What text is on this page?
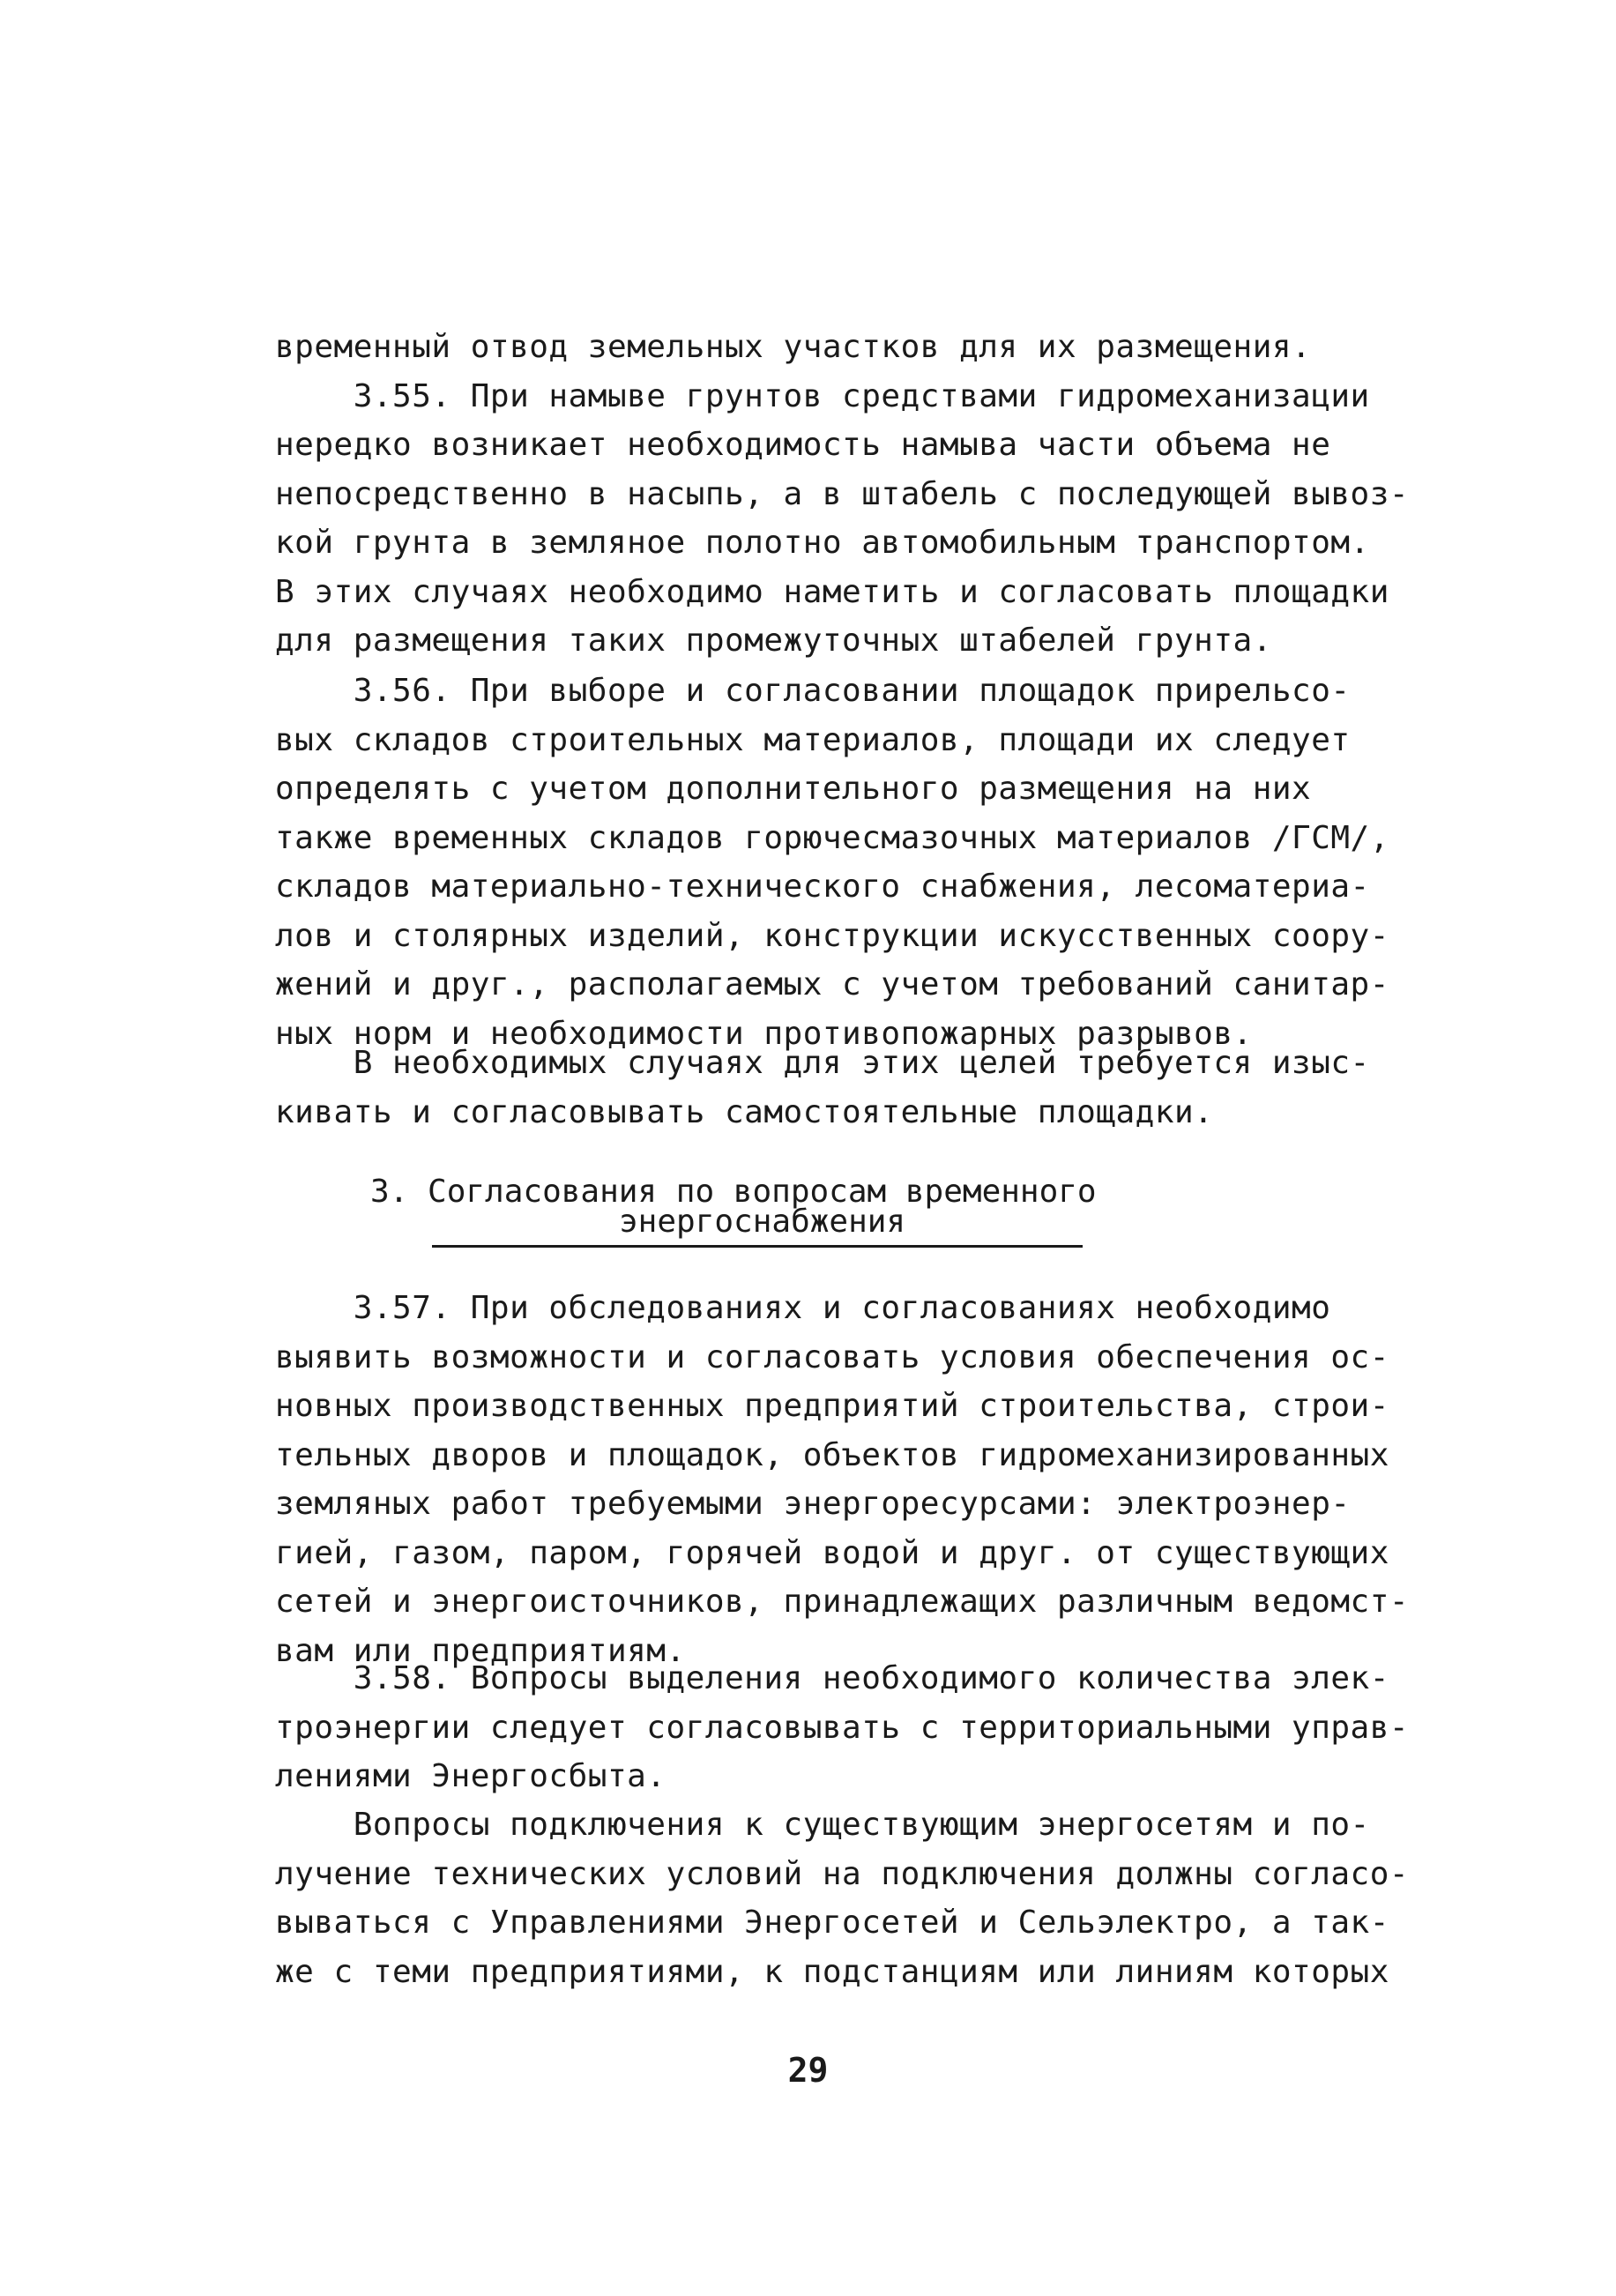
временный отвод земельных участков для их размещения.
3.55. При намыве грунтов средствами гидромеханизации
нередко возникает необходимость намыва части объема не
непосредственно в насыпь, а в штабель с последующей вывоз-
кой грунта в земляное полотно автомобильным транспортом.
В этих случаях необходимо наметить и согласовать площадки
для размещения таких промежуточных штабелей грунта.
3.56. При выборе и согласовании площадок прирельсо-
вых складов строительных материалов, площади их следует
определять с учетом дополнительного размещения на них
также временных складов горючесмазочных материалов /ГСМ/,
складов материально-технического снабжения, лесоматериа-
лов и столярных изделий, конструкции искусственных соору-
жений и друг., располагаемых с учетом требований санитар-
ных норм и необходимости противопожарных разрывов.
В необходимых случаях для этих целей требуется изыс-
кивать и согласовывать самостоятельные площадки.
3. Согласования по вопросам временного
энергоснабжения
3.57. При обследованиях и согласованиях необходимо
выявить возможности и согласовать условия обеспечения ос-
новных производственных предприятий строительства, строи-
тельных дворов и площадок, объектов гидромеханизированных
земляных работ требуемыми энергоресурсами: электроэнер-
гией, газом, паром, горячей водой и друг. от существующих
сетей и энергоисточников, принадлежащих различным ведомст-
вам или предприятиям.
3.58. Вопросы выделения необходимого количества элек-
троэнергии следует согласовывать с территориальными управ-
лениями Энергосбыта.
Вопросы подключения к существующим энергосетям и по-
лучение технических условий на подключения должны согласо-
вываться с Управлениями Энергосетей и Сельэлектро, а так-
же с теми предприятиями, к подстанциям или линиям которых
29
